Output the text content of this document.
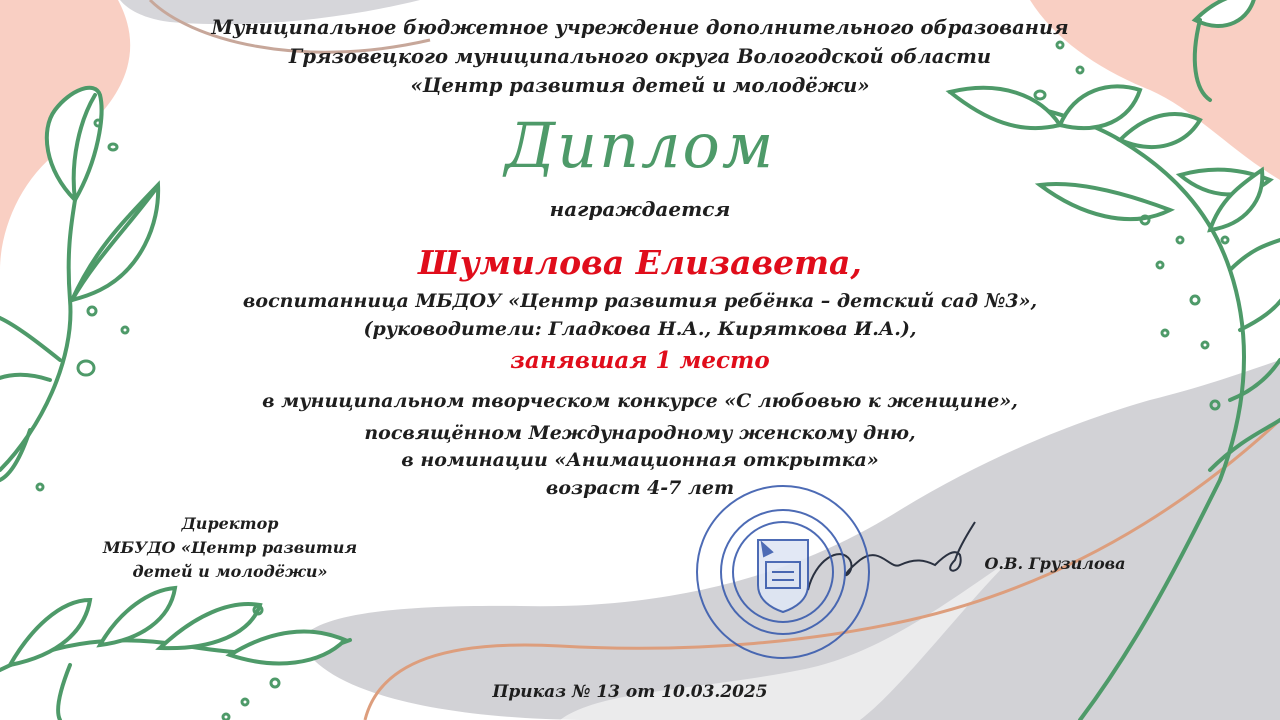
Муниципальное бюджетное учреждение дополнительного образования
Грязовецкого муниципального округа Вологодской области
«Центр развития детей и молодёжи»
Диплом
награждается
Шумилова Елизавета,
воспитанница МБДОУ «Центр развития ребёнка – детский сад №3»,
(руководители: Гладкова Н.А., Киряткова И.А.),
занявшая 1 место
в муниципальном творческом конкурсе «С любовью к женщине»,
посвящённом Международному женскому дню,
в номинации «Анимационная открытка»
возраст 4-7 лет
Директор
МБУДО «Центр развития
детей и молодёжи»	О.В. Грузилова
Приказ № 13 от 10.03.2025
